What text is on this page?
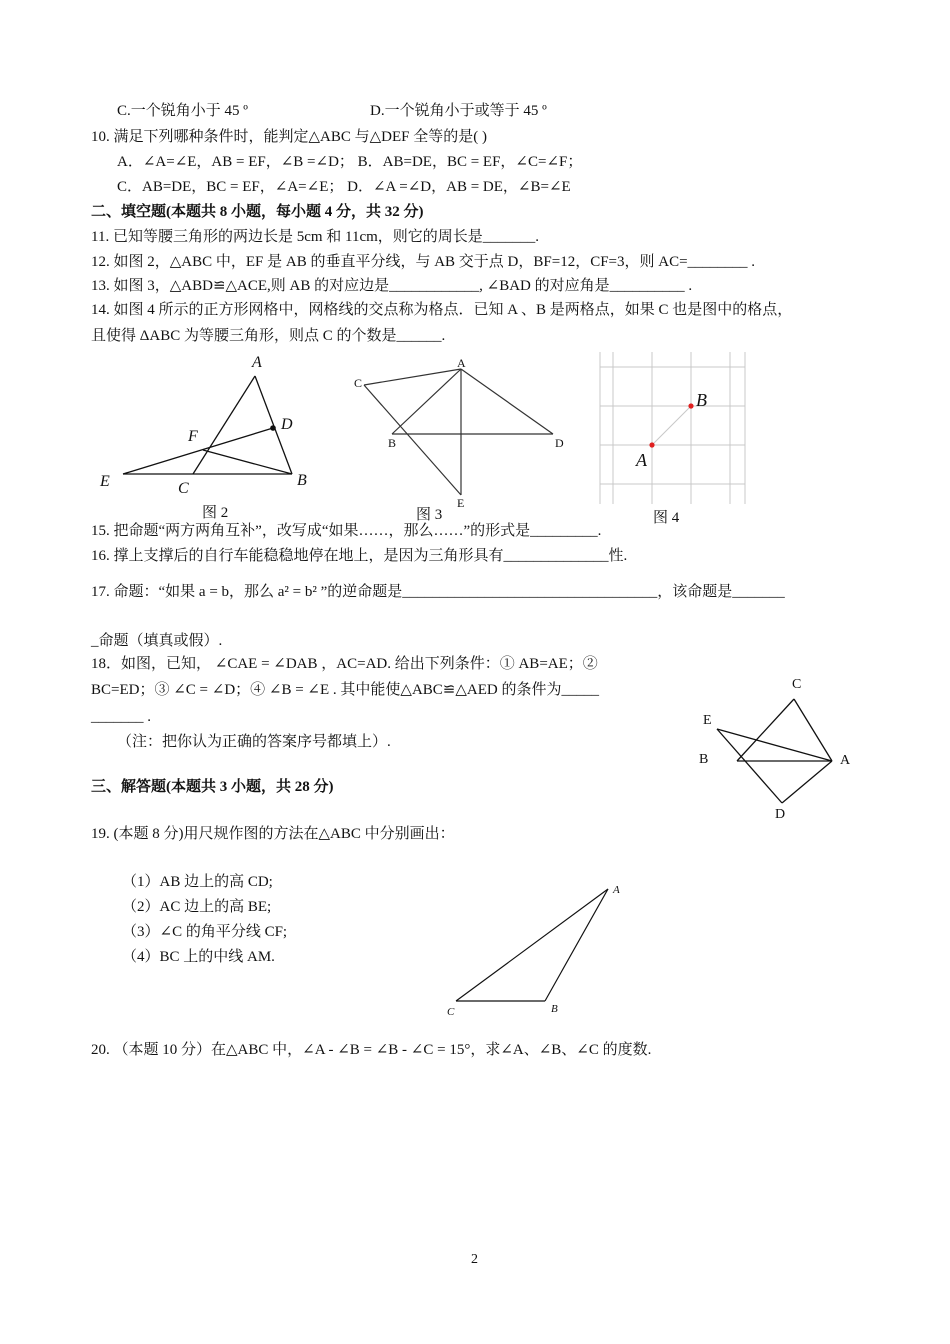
C.一个锐角小于 45 º	D.一个锐角小于或等于 45 º
10. 满足下列哪种条件时，能判定△ABC 与△DEF 全等的是( )
A．∠A=∠E，AB = EF，∠B =∠D； B．AB=DE，BC = EF，∠C=∠F；
C．AB=DE，BC = EF，∠A=∠E； D．∠A =∠D，AB = DE，∠B=∠E
二、填空题(本题共 8 小题，每小题 4 分，共 32 分)
11. 已知等腰三角形的两边长是 5cm 和 11cm，则它的周长是_______.
12. 如图 2，△ABC 中，EF 是 AB 的垂直平分线，与 AB 交于点 D，BF=12，CF=3，则 AC=________ .
13. 如图 3，△ABD≌△ACE,则 AB 的对应边是____________, ∠BAD 的对应角是__________ .
14. 如图 4 所示的正方形网格中，网格线的交点称为格点．已知 A 、B 是两格点，如果 C 也是图中的格点，
且使得 ΔABC 为等腰三角形，则点 C 的个数是______.
A
D
F
E	C	B
图 2
A
C
B	D
E
图 3
B
A
图 4
15. 把命题“两方两角互补”，改写成“如果……，那么……”的形式是_________.
16. 撑上支撑后的自行车能稳稳地停在地上，是因为三角形具有______________性.
17. 命题：“如果 a = b，那么 a² = b² ”的逆命题是__________________________________，该命题是_______
_命题（填真或假）.
18．如图，已知， ∠CAE = ∠DAB ，AC=AD. 给出下列条件：① AB=AE；②
BC=ED；③ ∠C = ∠D；④ ∠B = ∠E . 其中能使△ABC≌△AED 的条件为_____
_______ .
（注：把你认为正确的答案序号都填上）.
C
E
B	A
D
三、解答题(本题共 3 小题，共 28 分)
19. (本题 8 分)用尺规作图的方法在△ABC 中分别画出：
（1）AB 边上的高 CD;
（2）AC 边上的高 BE;
（3）∠C 的角平分线 CF;
（4）BC 上的中线 AM.
A
B
C
20. （本题 10 分）在△ABC 中，∠A - ∠B = ∠B - ∠C = 15°，求∠A、∠B、∠C 的度数.
2
